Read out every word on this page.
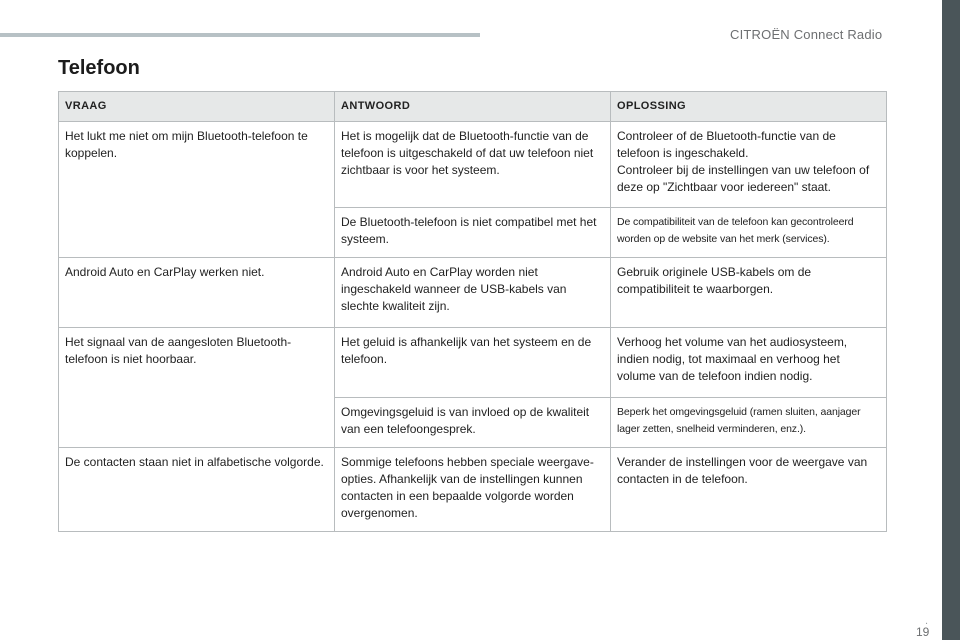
CITROËN Connect Radio
Telefoon
VRAAG	ANTWOORD	OPLOSSING
Het lukt me niet om mijn Bluetooth-telefoon te koppelen.	Het is mogelijk dat de Bluetooth-functie van de telefoon is uitgeschakeld of dat uw telefoon niet zichtbaar is voor het systeem.	Controleer of de Bluetooth-functie van de telefoon is ingeschakeld.
Controleer bij de instellingen van uw telefoon of deze op "Zichtbaar voor iedereen" staat.

	De Bluetooth-telefoon is niet compatibel met het systeem.	De compatibiliteit van de telefoon kan gecontroleerd worden op de website van het merk (services).
Android Auto en CarPlay werken niet.	Android Auto en CarPlay worden niet ingeschakeld wanneer de USB-kabels van slechte kwaliteit zijn.	Gebruik originele USB-kabels om de compatibiliteit te waarborgen.
Het signaal van de aangesloten Bluetooth-telefoon is niet hoorbaar.	Het geluid is afhankelijk van het systeem en de telefoon.	Verhoog het volume van het audiosysteem, indien nodig, tot maximaal en verhoog het volume van de telefoon indien nodig.
	Omgevingsgeluid is van invloed op de kwaliteit van een telefoongesprek.	Beperk het omgevingsgeluid (ramen sluiten, aanjager lager zetten, snelheid verminderen, enz.).
De contacten staan niet in alfabetische volgorde.	Sommige telefoons hebben speciale weergave-opties. Afhankelijk van de instellingen kunnen contacten in een bepaalde volgorde worden overgenomen.	Verander de instellingen voor de weergave van contacten in de telefoon.
.
19
